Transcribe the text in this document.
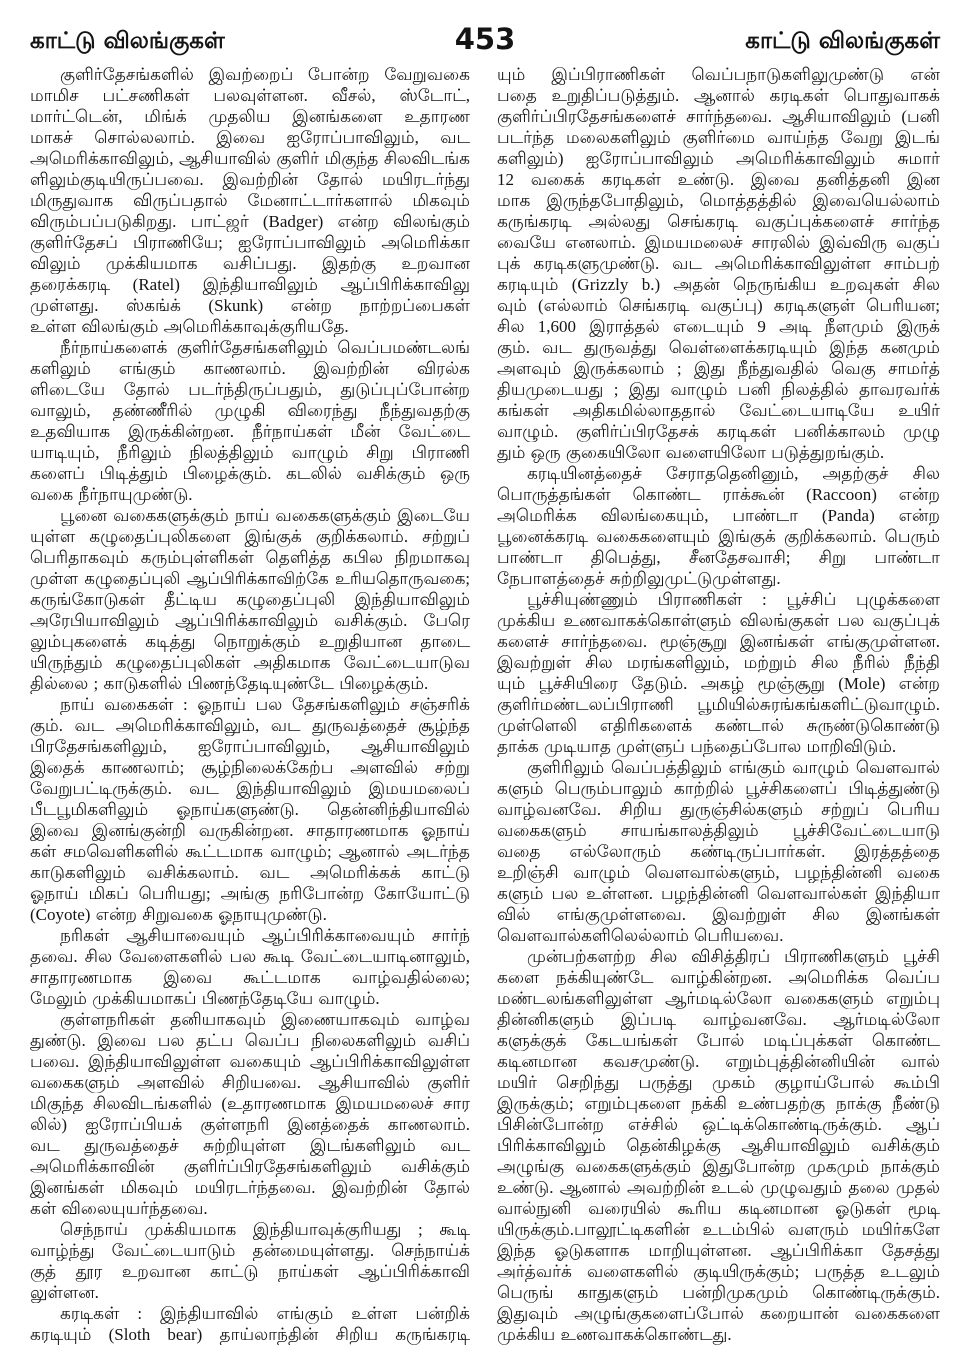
காட்டு விலங்குகள்	453	காட்டு விலங்குகள்
குளிர்தேசங்களில் இவற்றைப் போன்ற வேறுவகை
மாமிச பட்சணிகள் பலவுள்ளன. வீசல், ஸ்டோட்,
மார்ட்டென், மிங்க் முதலிய இனங்களை உதாரண
மாகச் சொல்லலாம். இவை ஐரோப்பாவிலும், வட
அமெரிக்காவிலும், ஆசியாவில் குளிர் மிகுந்த சிலவிடங்க
ளிலும்குடியிருப்பவை. இவற்றின் தோல் மயிரடர்ந்து
மிருதுவாக விருப்பதால் மேனாட்டார்களால் மிகவும்
விரும்பப்படுகிறது. பாட்ஜர் (Badger) என்ற விலங்கும்
குளிர்தேசப் பிராணியே; ஐரோப்பாவிலும் அமெரிக்கா
விலும் முக்கியமாக வசிப்பது. இதற்கு உறவான
தரைக்கரடி (Ratel) இந்தியாவிலும் ஆப்பிரிக்காவிலு
முள்ளது. ஸ்கங்க் (Skunk) என்ற நாற்றப்பைகள்
உள்ள விலங்கும் அமெரிக்காவுக்குரியதே.
நீர்நாய்களைக் குளிர்தேசங்களிலும் வெப்பமண்டலங்
களிலும் எங்கும் காணலாம். இவற்றின் விரல்க
ளிடையே தோல் படர்ந்திருப்பதும், துடுப்புப்போன்ற
வாலும், தண்ணீரில் முழுகி விரைந்து நீந்துவதற்கு
உதவியாக இருக்கின்றன. நீர்நாய்கள் மீன் வேட்டை
யாடியும், நீரிலும் நிலத்திலும் வாழும் சிறு பிராணி
களைப் பிடித்தும் பிழைக்கும். கடலில் வசிக்கும் ஒரு
வகை நீர்நாயுமுண்டு.
பூனை வகைகளுக்கும் நாய் வகைகளுக்கும் இடையே
யுள்ள கழுதைப்புலிகளை இங்குக் குறிக்கலாம். சற்றுப்
பெரிதாகவும் கரும்புள்ளிகள் தெளித்த கபில நிறமாகவு
முள்ள கழுதைப்புலி ஆப்பிரிக்காவிற்கே உரியதொருவகை;
கருங்கோடுகள் தீட்டிய கழுதைப்புலி இந்தியாவிலும்
அரேபியாவிலும் ஆப்பிரிக்காவிலும் வசிக்கும். பேரெ
லும்புகளைக் கடித்து நொறுக்கும் உறுதியான தாடை
யிருந்தும் கழுதைப்புலிகள் அதிகமாக வேட்டையாடுவ
தில்லை ; காடுகளில் பிணந்தேடியுண்டே பிழைக்கும்.
நாய் வகைகள் : ஓநாய் பல தேசங்களிலும் சஞ்சரிக்
கும். வட அமெரிக்காவிலும், வட துருவத்தைச் சூழ்ந்த
பிரதேசங்களிலும், ஐரோப்பாவிலும், ஆசியாவிலும்
இதைக் காணலாம்; சூழ்நிலைக்கேற்ப அளவில் சற்று
வேறுபட்டிருக்கும். வட இந்தியாவிலும் இமயமலைப்
பீடபூமிகளிலும் ஓநாய்களுண்டு. தென்னிந்தியாவில்
இவை இனங்குன்றி வருகின்றன. சாதாரணமாக ஓநாய்
கள் சமவெளிகளில் கூட்டமாக வாழும்; ஆனால் அடர்ந்த
காடுகளிலும் வசிக்கலாம். வட அமெரிக்கக் காட்டு
ஓநாய் மிகப் பெரியது; அங்கு நரிபோன்ற கோயோட்டு
(Coyote) என்ற சிறுவகை ஓநாயுமுண்டு.
நரிகள் ஆசியாவையும் ஆப்பிரிக்காவையும் சார்ந்
தவை. சில வேளைகளில் பல கூடி வேட்டையாடினாலும்,
சாதாரணமாக இவை கூட்டமாக வாழ்வதில்லை;
மேலும் முக்கியமாகப் பிணந்தேடியே வாழும்.
குள்ளநரிகள் தனியாகவும் இணையாகவும் வாழ்வ
துண்டு. இவை பல தட்ப வெப்ப நிலைகளிலும் வசிப்
பவை. இந்தியாவிலுள்ள வகையும் ஆப்பிரிக்காவிலுள்ள
வகைகளும் அளவில் சிறியவை. ஆசியாவில் குளிர்
மிகுந்த சிலவிடங்களில் (உதாரணமாக இமயமலைச் சார
லில்) ஐரோப்பியக் குள்ளநரி இனத்தைக் காணலாம்.
வட துருவத்தைச் சுற்றியுள்ள இடங்களிலும் வட
அமெரிக்காவின் குளிர்ப்பிரதேசங்களிலும் வசிக்கும்
இனங்கள் மிகவும் மயிரடர்ந்தவை. இவற்றின் தோல்
கள் விலையுயர்ந்தவை.
செந்நாய் முக்கியமாக இந்தியாவுக்குரியது ; கூடி
வாழ்ந்து வேட்டையாடும் தன்மையுள்ளது. செந்நாய்க்
குத் தூர உறவான காட்டு நாய்கள் ஆப்பிரிக்காவி
லுள்ளன.
கரடிகள் : இந்தியாவில் எங்கும் உள்ள பன்றிக்
கரடியும் (Sloth bear) தாய்லாந்தின் சிறிய கருங்கரடி
யும் இப்பிராணிகள் வெப்பநாடுகளிலுமுண்டு என்
பதை உறுதிப்படுத்தும். ஆனால் கரடிகள் பொதுவாகக்
குளிர்ப்பிரதேசங்களைச் சார்ந்தவை. ஆசியாவிலும் (பனி
படர்ந்த மலைகளிலும் குளிர்மை வாய்ந்த வேறு இடங்
களிலும்) ஐரோப்பாவிலும் அமெரிக்காவிலும் சுமார்
12 வகைக் கரடிகள் உண்டு. இவை தனித்தனி இன
மாக இருந்தபோதிலும், மொத்தத்தில் இவையெல்லாம்
கருங்கரடி அல்லது செங்கரடி வகுப்புக்களைச் சார்ந்த
வையே எனலாம். இமயமலைச் சாரலில் இவ்விரு வகுப்
புக் கரடிகளுமுண்டு. வட அமெரிக்காவிலுள்ள சாம்பற்
கரடியும் (Grizzly b.) அதன் நெருங்கிய உறவுகள் சில
வும் (எல்லாம் செங்கரடி வகுப்பு) கரடிகளுள் பெரியன;
சில 1,600 இராத்தல் எடையும் 9 அடி நீளமும் இருக்
கும். வட துருவத்து வெள்ளைக்கரடியும் இந்த கனமும்
அளவும் இருக்கலாம் ; இது நீந்துவதில் வெகு சாமர்த்
தியமுடையது ; இது வாழும் பனி நிலத்தில் தாவரவர்க்
கங்கள் அதிகமில்லாததால் வேட்டையாடியே உயிர்
வாழும். குளிர்ப்பிரதேசக் கரடிகள் பனிக்காலம் முழு
தும் ஒரு குகையிலோ வளையிலோ படுத்துறங்கும்.
கரடியினத்தைச் சேராததெனினும், அதற்குச் சில
பொருத்தங்கள் கொண்ட ராக்கூன் (Raccoon) என்ற
அமெரிக்க விலங்கையும், பாண்டா (Panda) என்ற
பூனைக்கரடி வகைகளையும் இங்குக் குறிக்கலாம். பெரும்
பாண்டா திபெத்து, சீனதேசவாசி; சிறு பாண்டா
நேபாளத்தைச் சுற்றிலுமுட்டுமுள்ளது.
பூச்சியுண்ணும் பிராணிகள் : பூச்சிப் புழுக்களை
முக்கிய உணவாகக்கொள்ளும் விலங்குகள் பல வகுப்புக்
களைச் சார்ந்தவை. மூஞ்சூறு இனங்கள் எங்குமுள்ளன.
இவற்றுள் சில மரங்களிலும், மற்றும் சில நீரில் நீந்தி
யும் பூச்சியிரை தேடும். அகழ் மூஞ்சூறு (Mole) என்ற
குளிர்மண்டலப்பிராணி பூமியில்சுரங்கங்களிட்டுவாழும்.
முள்ளெலி எதிரிகளைக் கண்டால் சுருண்டுகொண்டு
தாக்க முடியாத முள்ளுப் பந்தைப்போல மாறிவிடும்.
குளிரிலும் வெப்பத்திலும் எங்கும் வாழும் வௌவால்
களும் பெரும்பாலும் காற்றில் பூச்சிகளைப் பிடித்துண்டு
வாழ்வனவே. சிறிய துருஞ்சில்களும் சற்றுப் பெரிய
வகைகளும் சாயங்காலத்திலும் பூச்சிவேட்டையாடு
வதை எல்லோரும் கண்டிருப்பார்கள். இரத்தத்தை
உறிஞ்சி வாழும் வௌவால்களும், பழந்தின்னி வகை
களும் பல உள்ளன. பழந்தின்னி வௌவால்கள் இந்தியா
வில் எங்குமுள்ளவை. இவற்றுள் சில இனங்கள்
வௌவால்களிலெல்லாம் பெரியவை.
முன்பற்களற்ற சில விசித்திரப் பிராணிகளும் பூச்சி
களை நக்கியுண்டே வாழ்கின்றன. அமெரிக்க வெப்ப
மண்டலங்களிலுள்ள ஆர்மடில்லோ வகைகளும் எறும்பு
தின்னிகளும் இப்படி வாழ்வனவே. ஆர்மடில்லோ
களுக்குக் கேடயங்கள் போல் மடிப்புக்கள் கொண்ட
கடினமான கவசமுண்டு. எறும்புத்தின்னியின் வால்
மயிர் செறிந்து பருத்து முகம் குழாய்போல் கூம்பி
இருக்கும்; எறும்புகளை நக்கி உண்பதற்கு நாக்கு நீண்டு
பிசின்போன்ற எச்சில் ஒட்டிக்கொண்டிருக்கும். ஆப்
பிரிக்காவிலும் தென்கிழக்கு ஆசியாவிலும் வசிக்கும்
அழுங்கு வகைகளுக்கும் இதுபோன்ற முகமும் நாக்கும்
உண்டு. ஆனால் அவற்றின் உடல் முழுவதும் தலை முதல்
வால்நுனி வரையில் கூரிய கடினமான ஓடுகள் மூடி
யிருக்கும்.பாலூட்டிகளின் உடம்பில் வளரும் மயிர்களே
இந்த ஓடுகளாக மாறியுள்ளன. ஆப்பிரிக்கா தேசத்து
அர்த்வர்க் வளைகளில் குடியிருக்கும்; பருத்த உடலும்
பெருங் காதுகளும் பன்றிமுகமும் கொண்டிருக்கும்.
இதுவும் அழுங்குகளைப்போல் கறையான் வகைகளை
முக்கிய உணவாகக்கொண்டது.
